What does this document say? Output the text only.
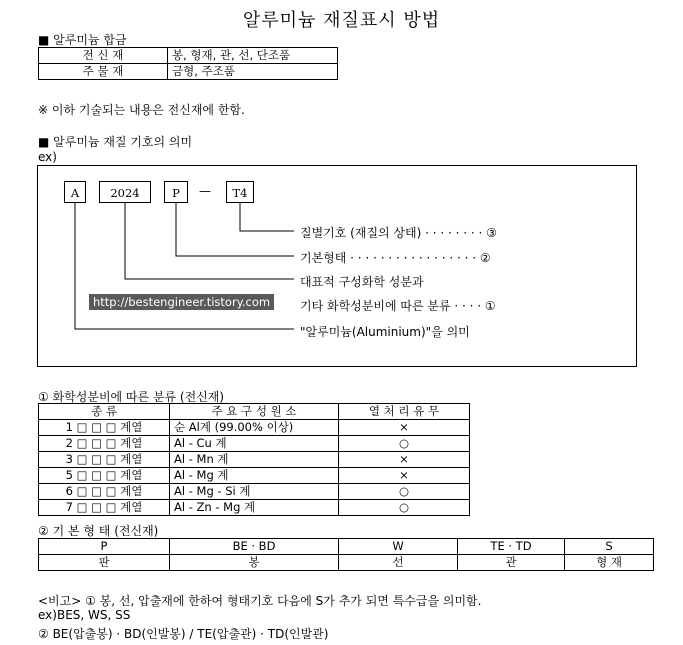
알루미늄 재질표시 방법
■ 알루미늄 합금
전 신 재	봉, 형재, 관, 선, 단조품
주 물 재	금형, 주조품
※ 이하 기술되는 내용은 전신재에 한함.
■ 알루미늄 재질 기호의 의미
ex)
A	2024	P	—	T4
질별기호 (재질의 상태) · · · · · · · · ③
기본형태 · · · · · · · · · · · · · · · · · ②
대표적 구성화학 성분과
기타 화학성분비에 따른 분류 · · · · ①
"알루미늄(Aluminium)"을 의미
http://bestengineer.tistory.com
① 화학성분비에 따른 분류 (전신재)
종 류	주 요 구 성 원 소	열 처 리 유 무
1 □ □ □ 계열	순 Al계 (99.00% 이상)	×
2 □ □ □ 계열	Al - Cu 계	○
3 □ □ □ 계열	Al - Mn 계	×
5 □ □ □ 계열	Al - Mg 계	×
6 □ □ □ 계열	Al - Mg - Si 계	○
7 □ □ □ 계열	Al - Zn - Mg 계	○
② 기 본 형 태 (전신재)
P	BE · BD	W	TE · TD	S
판	봉	선	관	형 재
<비고> ① 봉, 선, 압출재에 한하여 형태기호 다음에 S가 추가 되면 특수급을 의미함.
ex)BES, WS, SS
② BE(압출봉) · BD(인발봉) / TE(압출관) · TD(인발관)
